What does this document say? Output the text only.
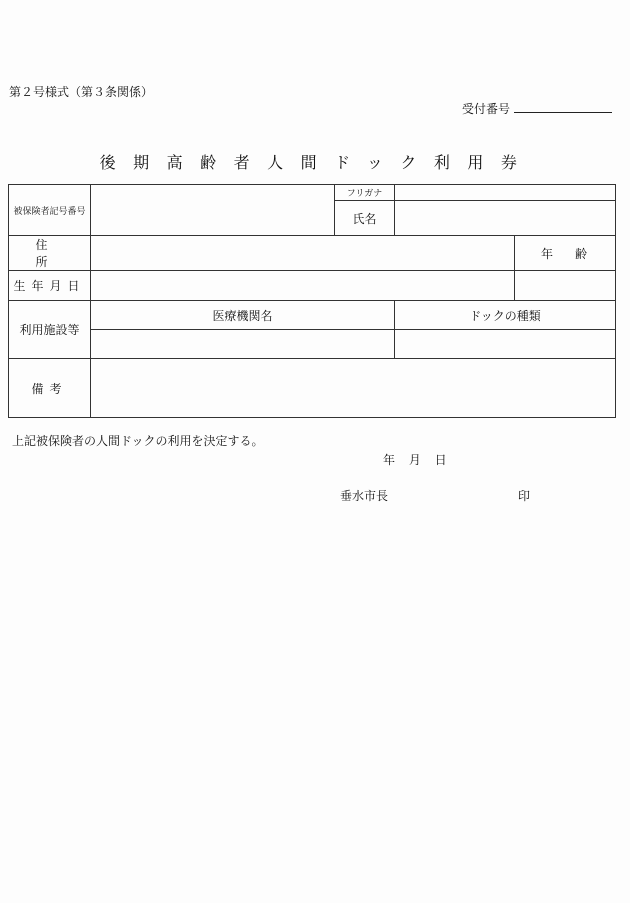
第２号様式（第３条関係）
受付番号
後期高齢者人間ドック利用券
被保険者記号番号		フリガナ		
		氏名		
住所				年齢
生年月日				
利用施設等	医療機関名		ドックの種類	

備考				
上記被保険者の人間ドックの利用を決定する。
年 月 日
垂水市長	印
